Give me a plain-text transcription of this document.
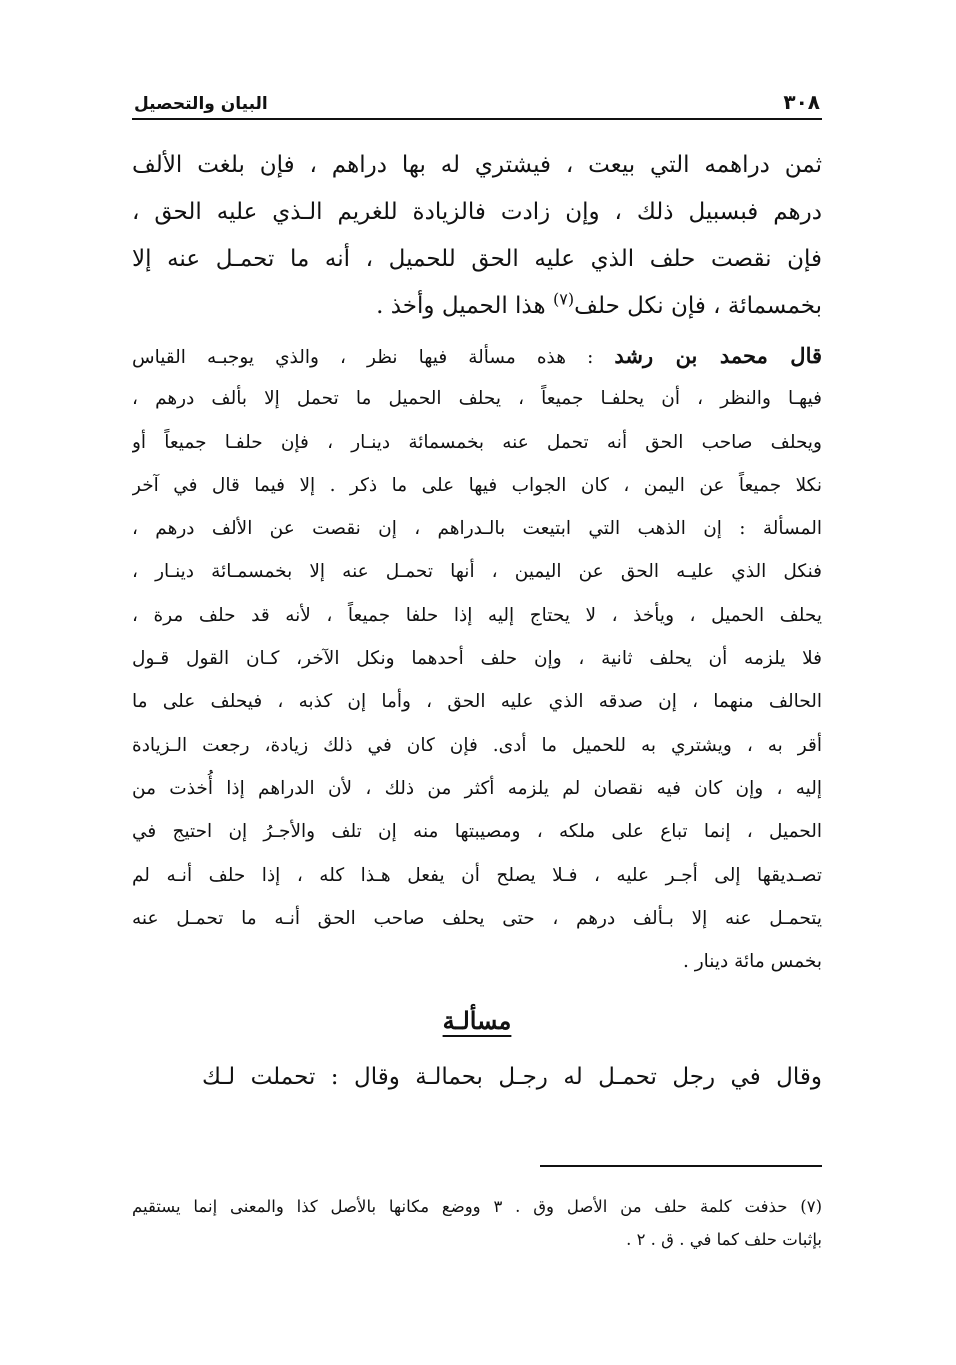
٣٠٨
البيان والتحصيل
ثمن دراهمه التي بيعت ، فيشتري له بها دراهم ، فإن بلغت الألف
درهم فبسبيل ذلك ، وإن زادت فالزيادة للغريم الـذي عليه الحق ،
فإن نقصت حلف الذي عليه الحق للحميل ، أنه ما تحمـل عنه إلا
بخمسمائة ، فإن نكل حلف$^{(٧)}$ هذا الحميل وأخذ .
قال محمد بن رشد : هذه مسألة فيها نظر ، والذي يوجبـه القياس
فيهـا والنظر ، أن يحلفـا جميعاً ، يحلف الحميل ما تحمل إلا بألف درهم ،
ويحلف صاحب الحق أنه تحمل عنه بخمسمائة دينـار ، فإن حلفـا جميعاً أو
نكلا جميعاً عن اليمن ، كان الجواب فيها على ما ذكر . إلا فيما قال في آخر
المسألة : إن الذهب التي ابتيعت بالـدراهم ، إن نقصت عن الألف درهم ،
فنكل الذي عليـه الحق عن اليمين ، أنها تحمـل عنه إلا بخمسمـائة دينـار ،
يحلف الحميل ، ويأخذ ، لا يحتاج إليه إذا حلفا جميعاً ، لأنه قد حلف مرة ،
فلا يلزمه أن يحلف ثانية ، وإن حلف أحدهما ونكل الآخر، كـان القول قـول
الحالف منهما ، إن صدقه الذي عليه الحق ، وأما إن كذبه ، فيحلف على ما
أقر به ، ويشتري به للحميل ما أدى. فإن كان في ذلك زيادة، رجعت الـزيادة
إليه ، وإن كان فيه نقصان لم يلزمه أكثر من ذلك ، لأن الدراهم إذا أُخذت من
الحميل ، إنما تباع على ملكه ، ومصيبتها منه إن تلف والأجـرُ إن احتيج في
تصـديقها إلى أجـر عليه ، فـلا يصلح أن يفعل هـذا كله ، إذا حلف أنـه لم
يتحمـل عنه إلا بـألف درهم ، حتى يحلف صاحب الحق أنـه ما تحمـل عنه
بخمس مائة دينار .
مسألـة
وقال في رجل تحمـل له رجـل بحمالـة وقال : تحملت لـك
(٧) حذفت كلمة حلف من الأصل وق . ٣ ووضع مكانها بالأصل كذا والمعنى إنما يستقيم
بإثبات حلف كما في . ق . ٢ .
